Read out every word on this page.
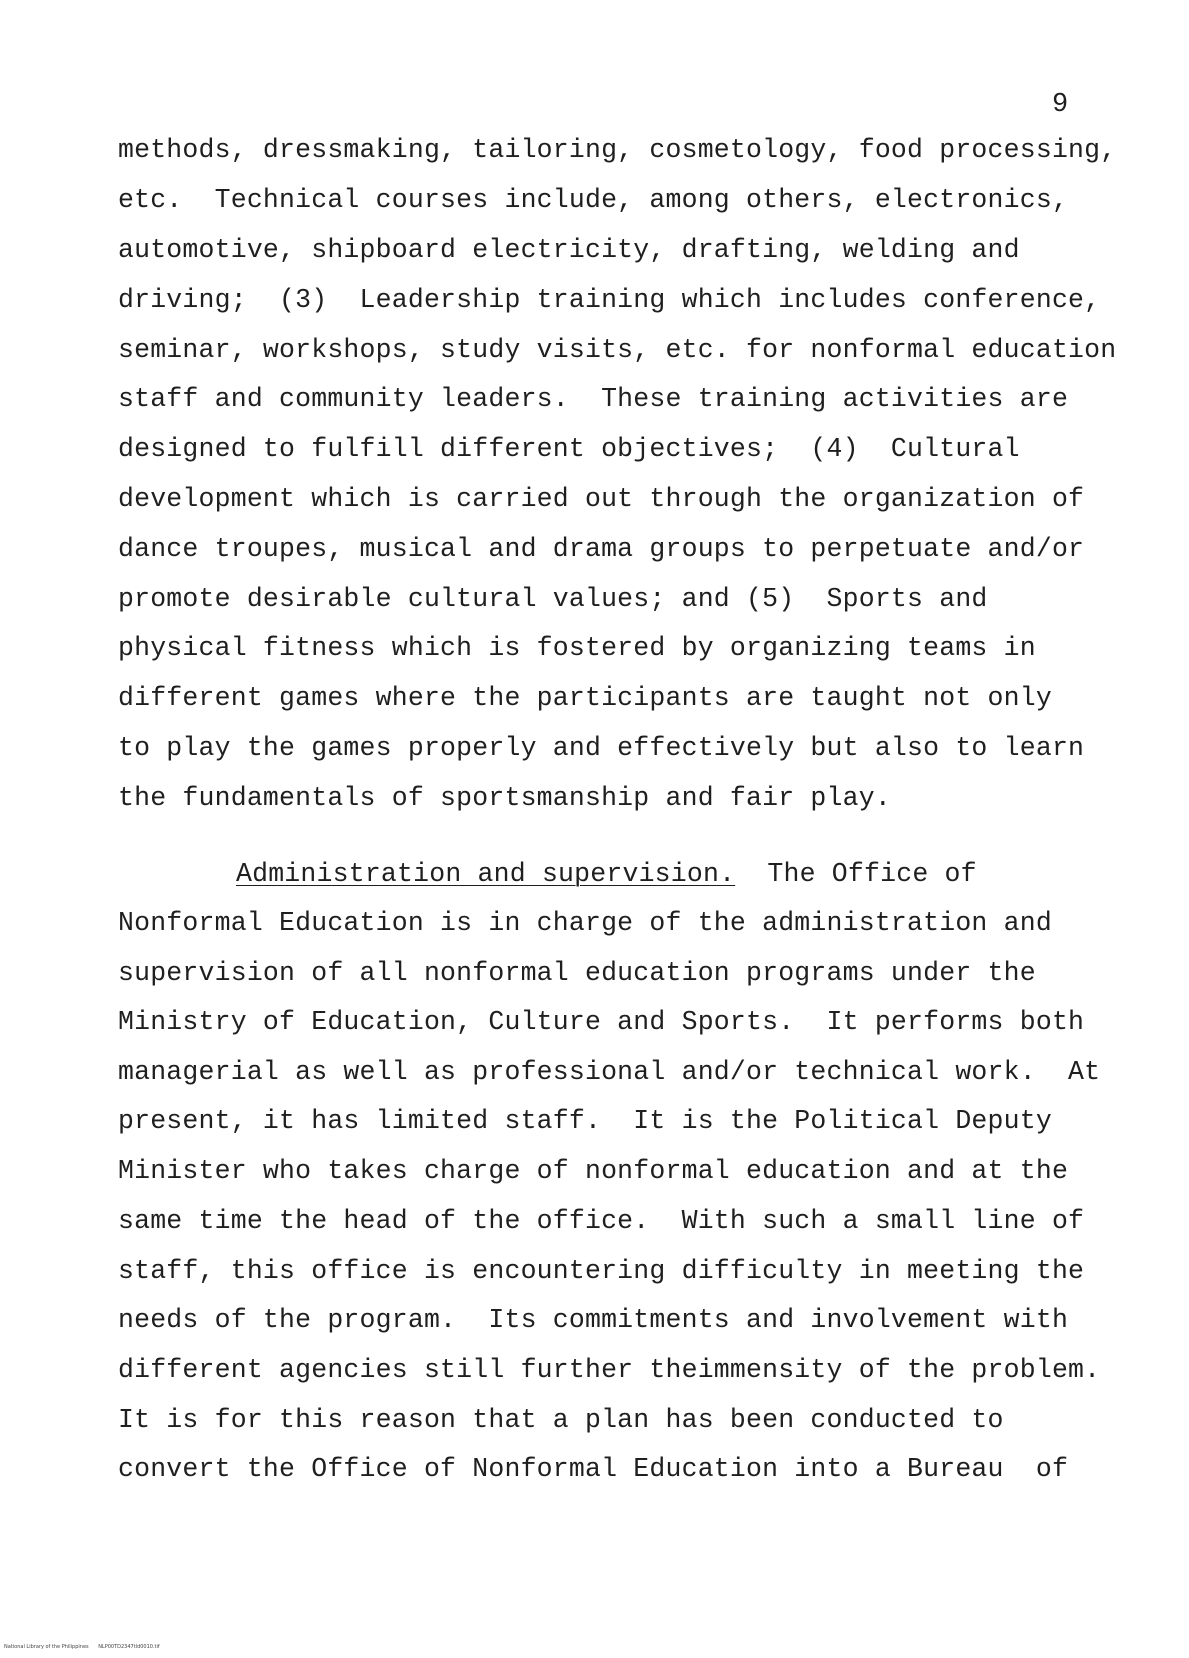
9
methods, dressmaking, tailoring, cosmetology, food processing,
etc.  Technical courses include, among others, electronics,
automotive, shipboard electricity, drafting, welding and
driving;  (3)  Leadership training which includes conference,
seminar, workshops, study visits, etc. for nonformal education
staff and community leaders.  These training activities are
designed to fulfill different objectives;  (4)  Cultural
development which is carried out through the organization of
dance troupes, musical and drama groups to perpetuate and/or
promote desirable cultural values; and (5)  Sports and
physical fitness which is fostered by organizing teams in
different games where the participants are taught not only
to play the games properly and effectively but also to learn
the fundamentals of sportsmanship and fair play.
Administration and supervision.  The Office of
Nonformal Education is in charge of the administration and
supervision of all nonformal education programs under the
Ministry of Education, Culture and Sports.  It performs both
managerial as well as professional and/or technical work.  At
present, it has limited staff.  It is the Political Deputy
Minister who takes charge of nonformal education and at the
same time the head of the office.  With such a small line of
staff, this office is encountering difficulty in meeting the
needs of the program.  Its commitments and involvement with
different agencies still further theimmensity of the problem.
It is for this reason that a plan has been conducted to
convert the Office of Nonformal Education into a Bureau  of
National Library of the Philippines NLP00TD2347tld0010.tif
